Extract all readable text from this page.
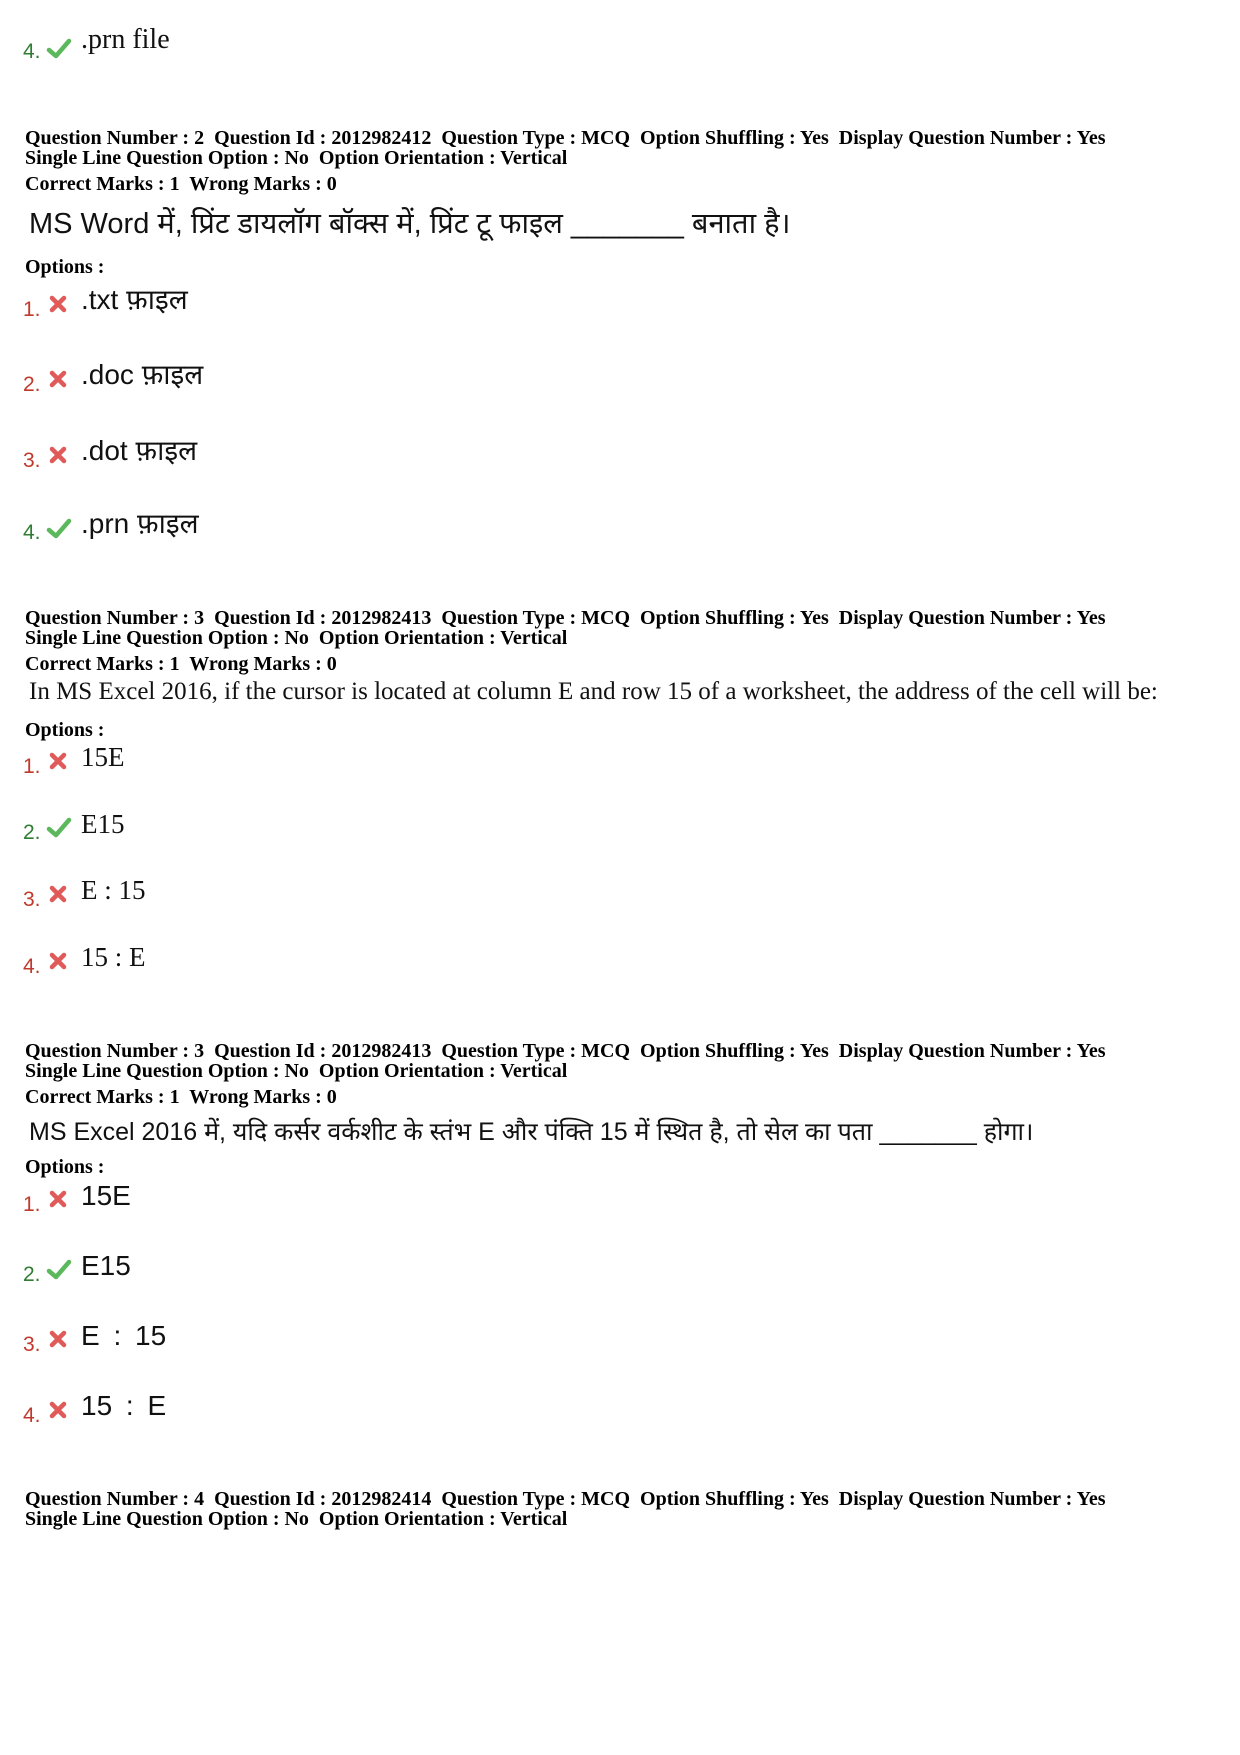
4. .prn file
Question Number : 2  Question Id : 2012982412  Question Type : MCQ  Option Shuffling : Yes  Display Question Number : Yes
Single Line Question Option : No  Option Orientation : Vertical
Correct Marks : 1  Wrong Marks : 0
MS Word में, प्रिंट डायलॉग बॉक्स में, प्रिंट टू फाइल _______ बनाता है।
Options :
1. .txt फ़ाइल
2. .doc फ़ाइल
3. .dot फ़ाइल
4. .prn फ़ाइल
Question Number : 3  Question Id : 2012982413  Question Type : MCQ  Option Shuffling : Yes  Display Question Number : Yes
Single Line Question Option : No  Option Orientation : Vertical
Correct Marks : 1  Wrong Marks : 0
In MS Excel 2016, if the cursor is located at column E and row 15 of a worksheet, the address of the cell will be:
Options :
1. 15E
2. E15
3. E : 15
4. 15 : E
Question Number : 3  Question Id : 2012982413  Question Type : MCQ  Option Shuffling : Yes  Display Question Number : Yes
Single Line Question Option : No  Option Orientation : Vertical
Correct Marks : 1  Wrong Marks : 0
MS Excel 2016 में, यदि कर्सर वर्कशीट के स्तंभ E और पंक्ति 15 में स्थित है, तो सेल का पता _______ होगा।
Options :
1. 15E
2. E15
3. E : 15
4. 15 : E
Question Number : 4  Question Id : 2012982414  Question Type : MCQ  Option Shuffling : Yes  Display Question Number : Yes
Single Line Question Option : No  Option Orientation : Vertical
